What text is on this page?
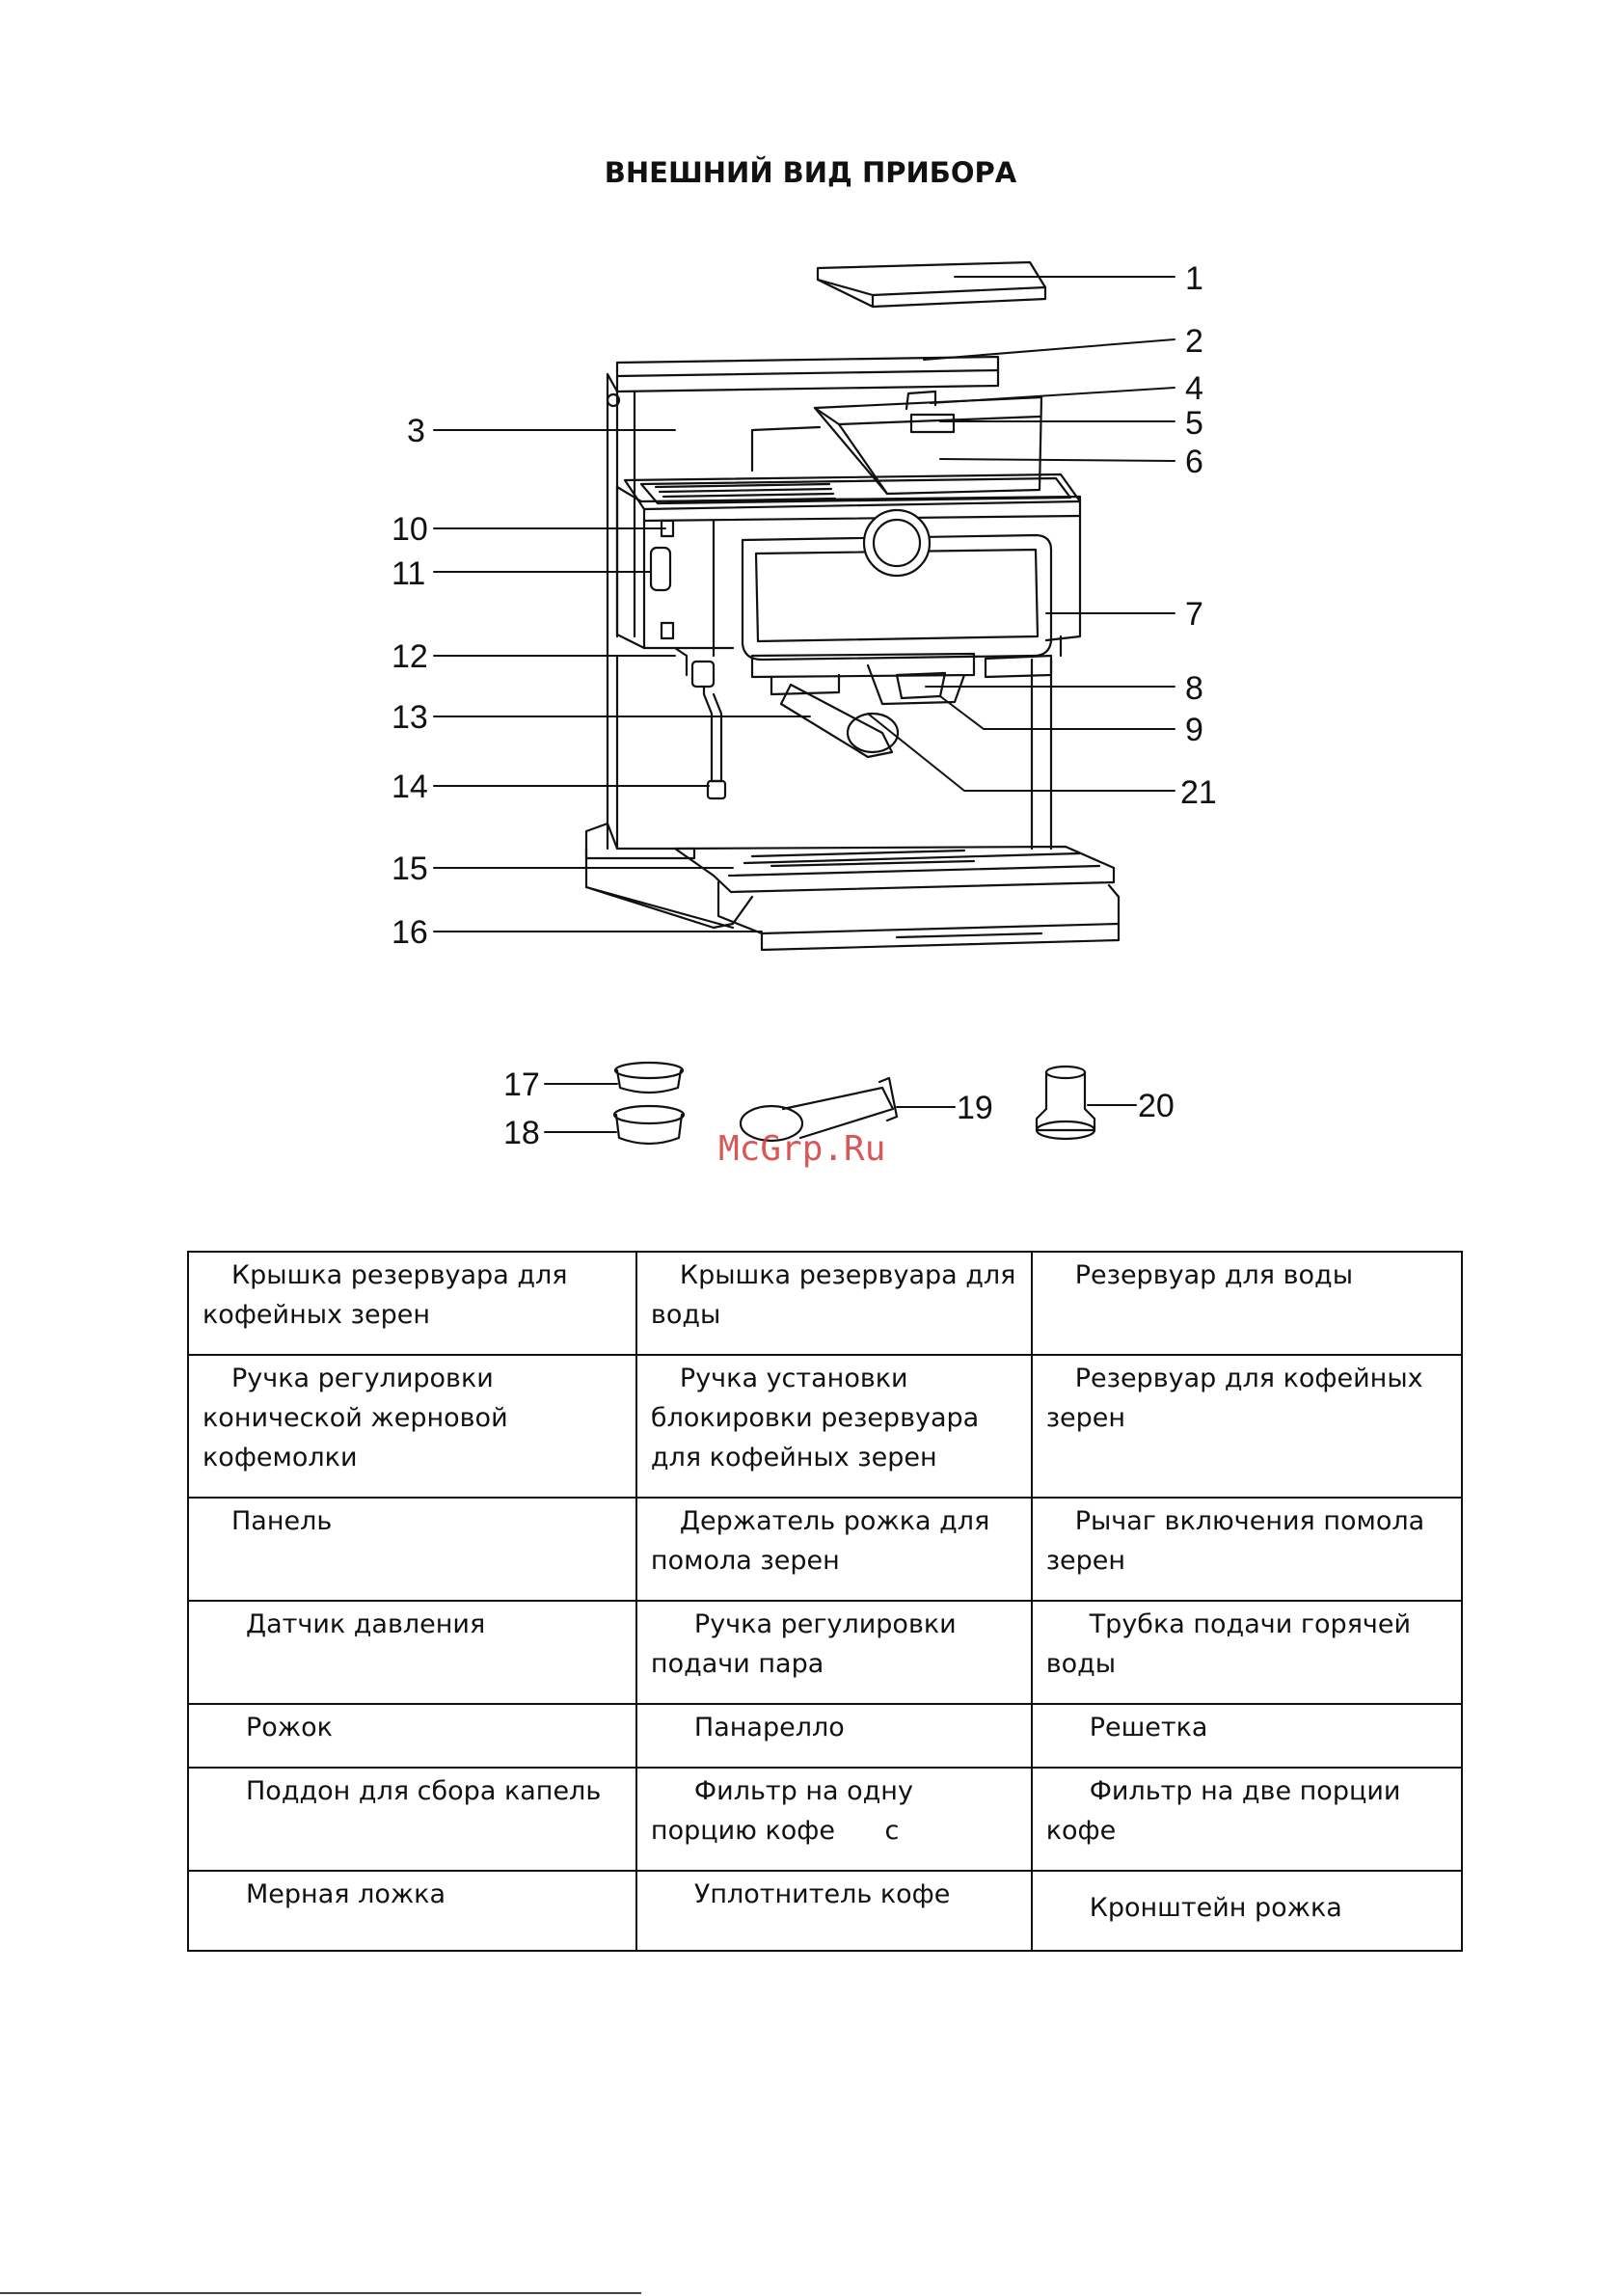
ВНЕШНИЙ ВИД ПРИБОРА
1
2
3
4
5
6
10
11
7
12
8
13	9
14	21
15
16
17
18
19	20
McGrp.Ru
Крышка резервуара для кофейных зерен	Крышка резервуара для воды	Резервуар для воды

Ручка регулировки конической жерновой кофемолки	Ручка установки блокировки резервуара для кофейных зерен	Резервуар для кофейных зерен

Панель	Держатель рожка для помола зерен	Рычаг включения помола зерен

Датчик давления	Ручка регулировки подачи пара	Трубка подачи горячей воды

Рожок	Панарелло	Решетка

Поддон для сбора капель	Фильтр на одну порцию кофе      с	Фильтр на две порции кофе

Мерная ложка	Уплотнитель кофе	Кронштейн рожка
